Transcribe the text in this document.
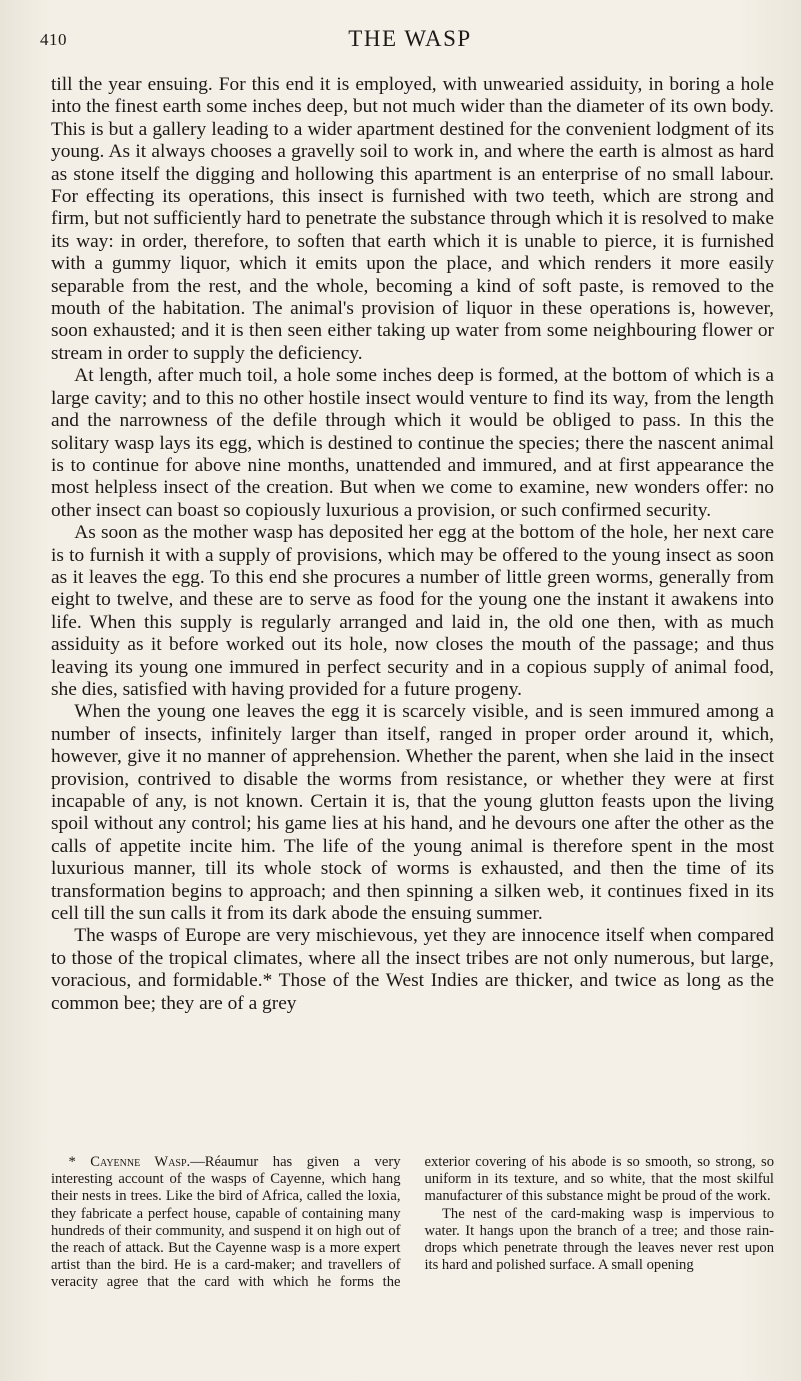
410	THE WASP

till the year ensuing. For this end it is employed, with unwearied assiduity, in boring a hole into the finest earth some inches deep, but not much wider than the diameter of its own body. This is but a gallery leading to a wider apartment destined for the convenient lodgment of its young. As it always chooses a gravelly soil to work in, and where the earth is almost as hard as stone itself the digging and hollowing this apartment is an enterprise of no small labour. For effecting its operations, this insect is furnished with two teeth, which are strong and firm, but not sufficiently hard to penetrate the substance through which it is resolved to make its way: in order, therefore, to soften that earth which it is unable to pierce, it is furnished with a gummy liquor, which it emits upon the place, and which renders it more easily separable from the rest, and the whole, becoming a kind of soft paste, is removed to the mouth of the habitation. The animal's provision of liquor in these operations is, however, soon exhausted; and it is then seen either taking up water from some neighbouring flower or stream in order to supply the deficiency.

At length, after much toil, a hole some inches deep is formed, at the bottom of which is a large cavity; and to this no other hostile insect would venture to find its way, from the length and the narrowness of the defile through which it would be obliged to pass. In this the solitary wasp lays its egg, which is destined to continue the species; there the nascent animal is to continue for above nine months, unattended and immured, and at first appearance the most helpless insect of the creation. But when we come to examine, new wonders offer: no other insect can boast so copiously luxurious a provision, or such confirmed security.

As soon as the mother wasp has deposited her egg at the bottom of the hole, her next care is to furnish it with a supply of provisions, which may be offered to the young insect as soon as it leaves the egg. To this end she procures a number of little green worms, generally from eight to twelve, and these are to serve as food for the young one the instant it awakens into life. When this supply is regularly arranged and laid in, the old one then, with as much assiduity as it before worked out its hole, now closes the mouth of the passage; and thus leaving its young one immured in perfect security and in a copious supply of animal food, she dies, satisfied with having provided for a future progeny.

When the young one leaves the egg it is scarcely visible, and is seen immured among a number of insects, infinitely larger than itself, ranged in proper order around it, which, however, give it no manner of apprehension. Whether the parent, when she laid in the insect provision, contrived to disable the worms from resistance, or whether they were at first incapable of any, is not known. Certain it is, that the young glutton feasts upon the living spoil without any control; his game lies at his hand, and he devours one after the other as the calls of appetite incite him. The life of the young animal is therefore spent in the most luxurious manner, till its whole stock of worms is exhausted, and then the time of its transformation begins to approach; and then spinning a silken web, it continues fixed in its cell till the sun calls it from its dark abode the ensuing summer.

The wasps of Europe are very mischievous, yet they are innocence itself when compared to those of the tropical climates, where all the insect tribes are not only numerous, but large, voracious, and formidable.* Those of the West Indies are thicker, and twice as long as the common bee; they are of a grey

* Cayenne Wasp.—Réaumur has given a very interesting account of the wasps of Cayenne, which hang their nests in trees. Like the bird of Africa, called the loxia, they fabricate a perfect house, capable of containing many hundreds of their community, and suspend it on high out of the reach of attack. But the Cayenne wasp is a more expert artist than the bird. He is a card-maker; and travellers of veracity agree that the card with which he forms the exterior covering of his abode is so smooth, so strong, so uniform in its texture, and so white, that the most skilful manufacturer of this substance might be proud of the work.

The nest of the card-making wasp is impervious to water. It hangs upon the branch of a tree; and those rain-drops which penetrate through the leaves never rest upon its hard and polished surface. A small opening
